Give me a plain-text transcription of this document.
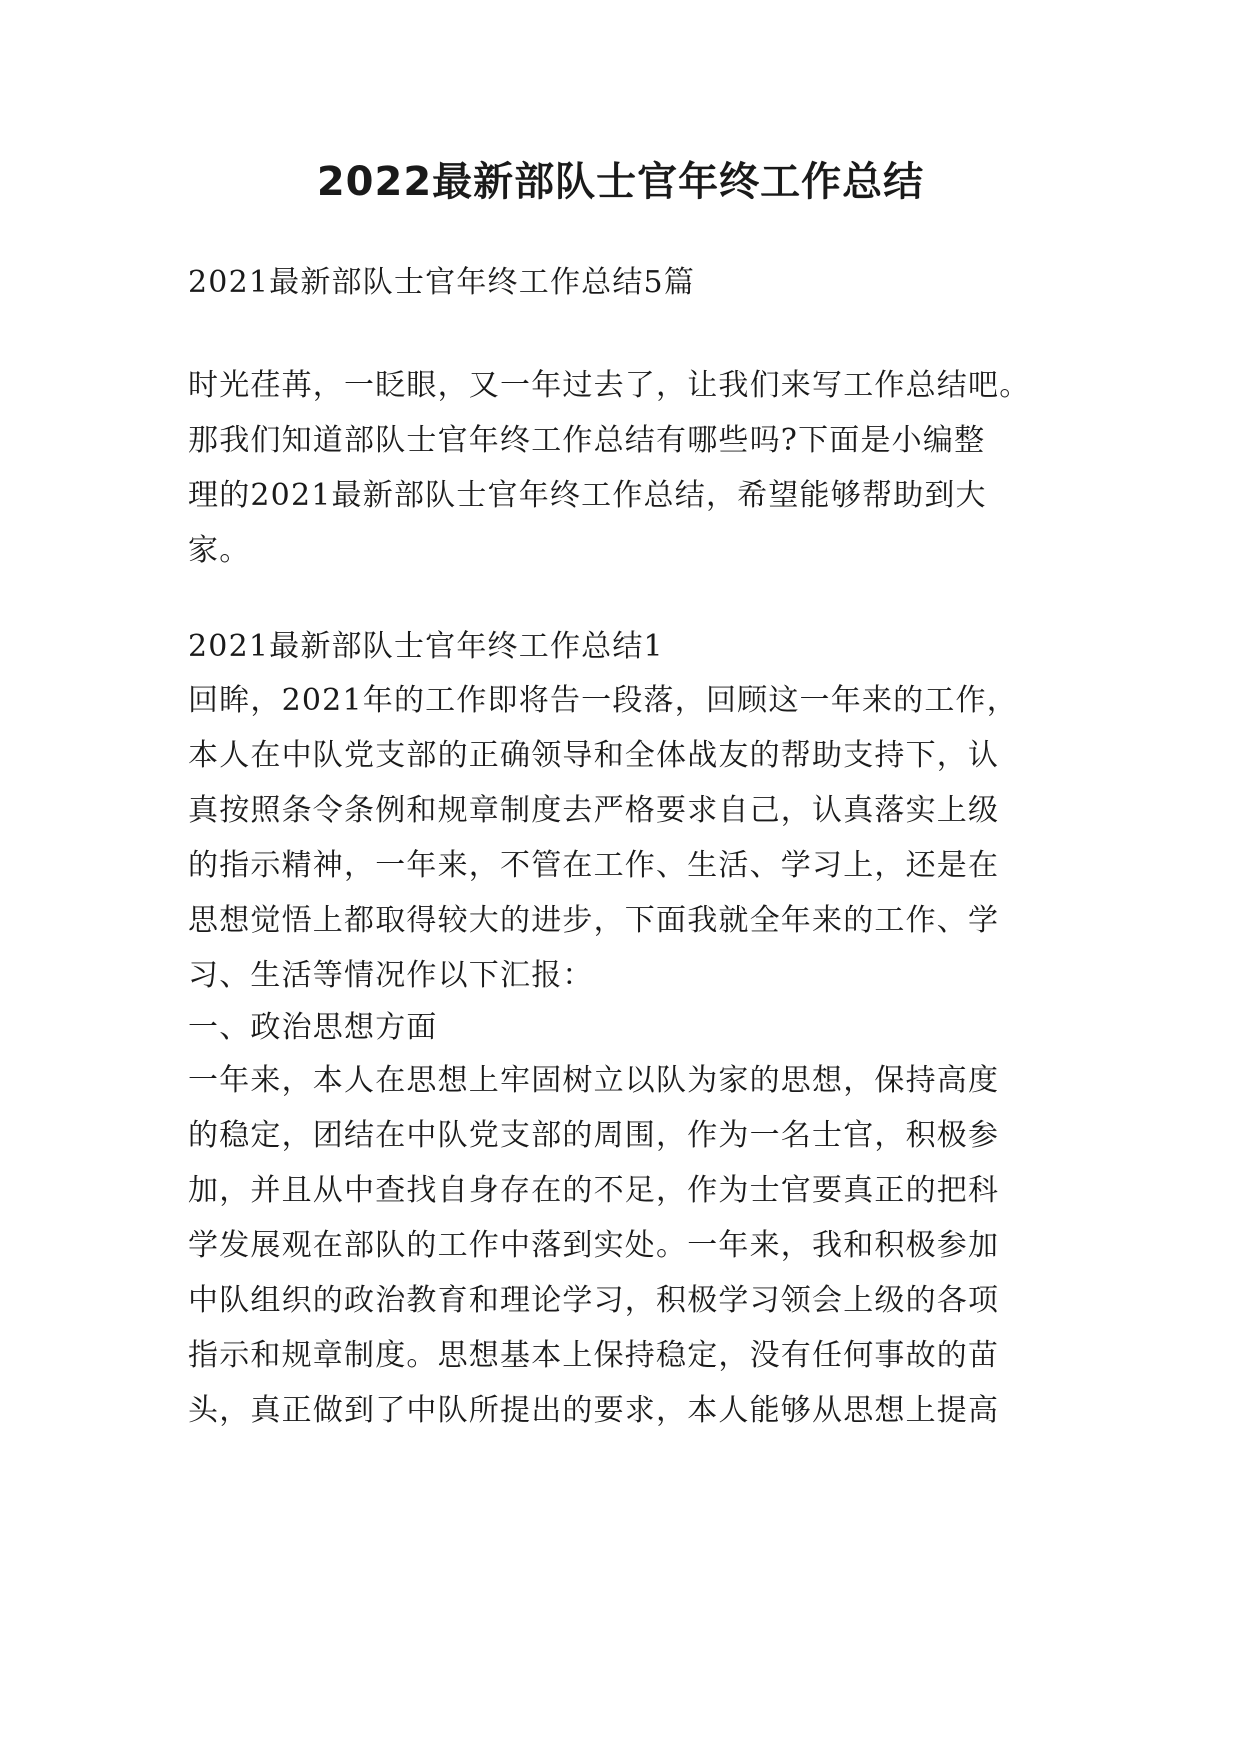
2022最新部队士官年终工作总结
2021最新部队士官年终工作总结5篇
时光荏苒，一眨眼，又一年过去了，让我们来写工作总结吧。
那我们知道部队士官年终工作总结有哪些吗?下面是小编整
理的2021最新部队士官年终工作总结，希望能够帮助到大
家。
2021最新部队士官年终工作总结1
回眸，2021年的工作即将告一段落，回顾这一年来的工作，
本人在中队党支部的正确领导和全体战友的帮助支持下，认
真按照条令条例和规章制度去严格要求自己，认真落实上级
的指示精神，一年来，不管在工作、生活、学习上，还是在
思想觉悟上都取得较大的进步，下面我就全年来的工作、学
习、生活等情况作以下汇报：
一、政治思想方面
一年来，本人在思想上牢固树立以队为家的思想，保持高度
的稳定，团结在中队党支部的周围，作为一名士官，积极参
加，并且从中查找自身存在的不足，作为士官要真正的把科
学发展观在部队的工作中落到实处。一年来，我和积极参加
中队组织的政治教育和理论学习，积极学习领会上级的各项
指示和规章制度。思想基本上保持稳定，没有任何事故的苗
头，真正做到了中队所提出的要求，本人能够从思想上提高
